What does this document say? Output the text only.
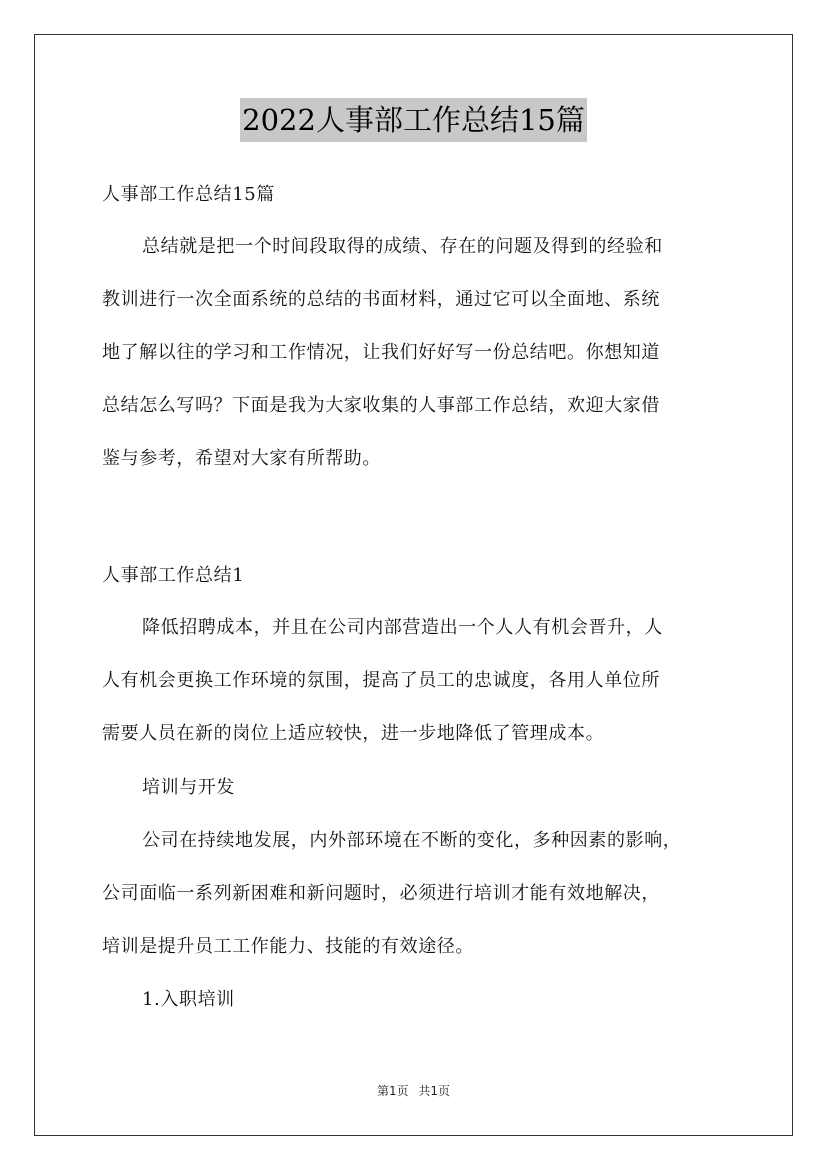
2022人事部工作总结15篇
人事部工作总结15篇
总结就是把一个时间段取得的成绩、存在的问题及得到的经验和
教训进行一次全面系统的总结的书面材料，通过它可以全面地、系统
地了解以往的学习和工作情况，让我们好好写一份总结吧。你想知道
总结怎么写吗？下面是我为大家收集的人事部工作总结，欢迎大家借
鉴与参考，希望对大家有所帮助。
人事部工作总结1
降低招聘成本，并且在公司内部营造出一个人人有机会晋升，人
人有机会更换工作环境的氛围，提高了员工的忠诚度，各用人单位所
需要人员在新的岗位上适应较快，进一步地降低了管理成本。
培训与开发
公司在持续地发展，内外部环境在不断的变化，多种因素的影响，
公司面临一系列新困难和新问题时，必须进行培训才能有效地解决，
培训是提升员工工作能力、技能的有效途径。
1.入职培训
第1页 共1页
